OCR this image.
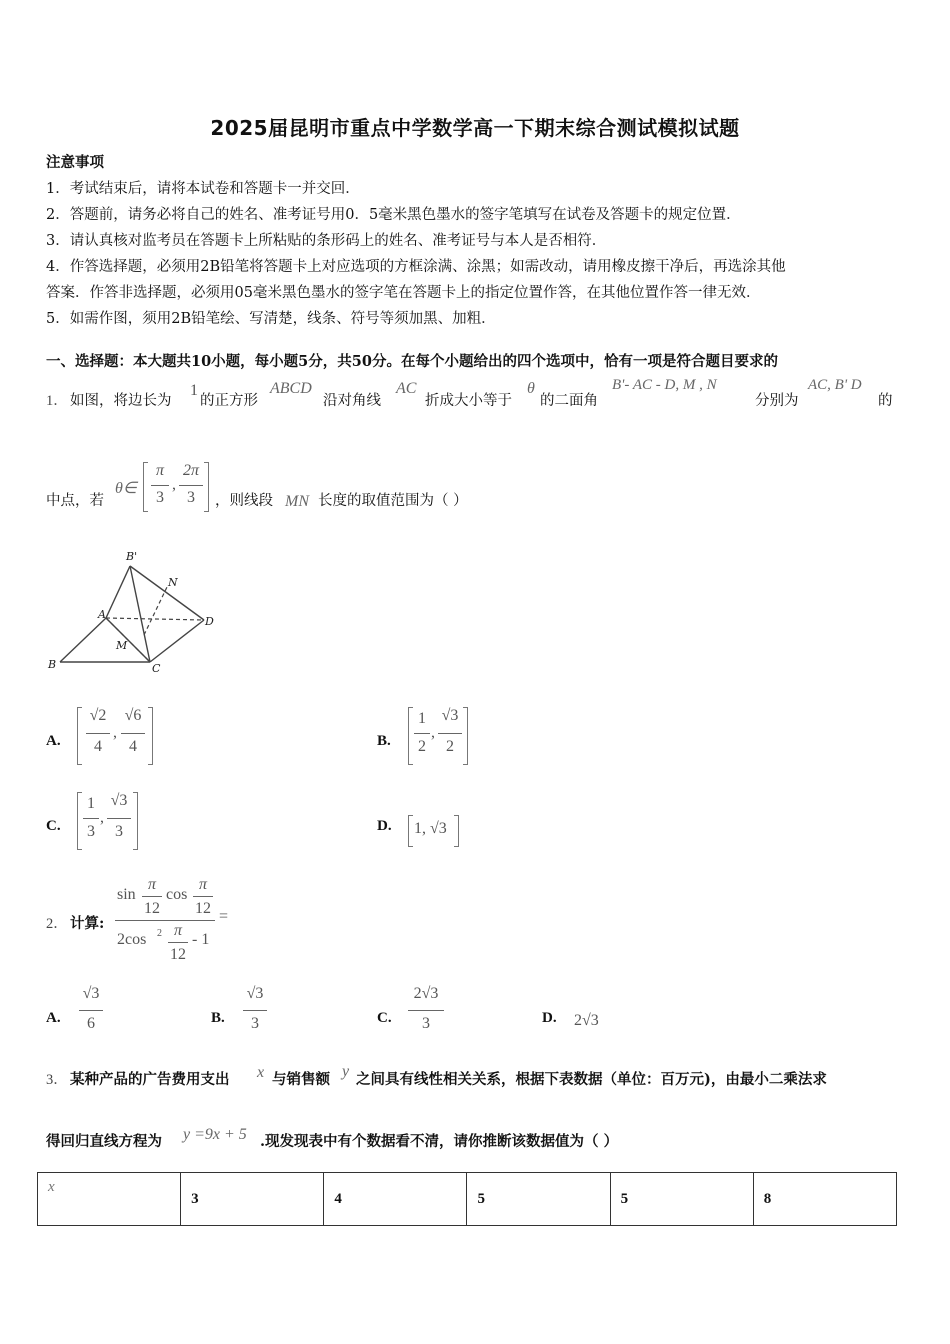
2025届昆明市重点中学数学高一下期末综合测试模拟试题
注意事项
1．考试结束后，请将本试卷和答题卡一并交回．
2．答题前，请务必将自己的姓名、准考证号用0．5毫米黑色墨水的签字笔填写在试卷及答题卡的规定位置．
3．请认真核对监考员在答题卡上所粘贴的条形码上的姓名、准考证号与本人是否相符．
4．作答选择题，必须用2B铅笔将答题卡上对应选项的方框涂满、涂黑；如需改动，请用橡皮擦干净后，再选涂其他
答案．作答非选择题，必须用05毫米黑色墨水的签字笔在答题卡上的指定位置作答，在其他位置作答一律无效．
5．如需作图，须用2B铅笔绘、写清楚，线条、符号等须加黑、加粗．
一、选择题：本大题共10小题，每小题5分，共50分。在每个小题给出的四个选项中，恰有一项是符合题目要求的
1． 如图，将边长为
1
的正方形
ABCD
沿对角线
AC
折成大小等于
θ
的二面角
B'- AC - D, M , N
分别为
AC, B' D
的
中点，若
θ∈
π
3
,
2π
3	，则线段 MN 长度的取值范围为（ ）
B'
N
A
D
M
B	C
A.
√2
4
,
√6
4	B.
1
2
,
√3
2
C.
1
3
,
√3
3	D. 1, √3
2． 计算:
sin
π
12
cos
π
12
2cos 2 π
12
- 1
=
A.
√3
6	B.
√3
3	C.
2√3
3	D. 2√3
3． 某种产品的广告费用支出 x 与销售额 y 之间具有线性相关关系，根据下表数据（单位：百万元)，由最小二乘法求
得回归直线方程为 y =9x + 5 .现发现表中有个数据看不清，请你推断该数据值为（ ）
x	3	4	5	5	8
